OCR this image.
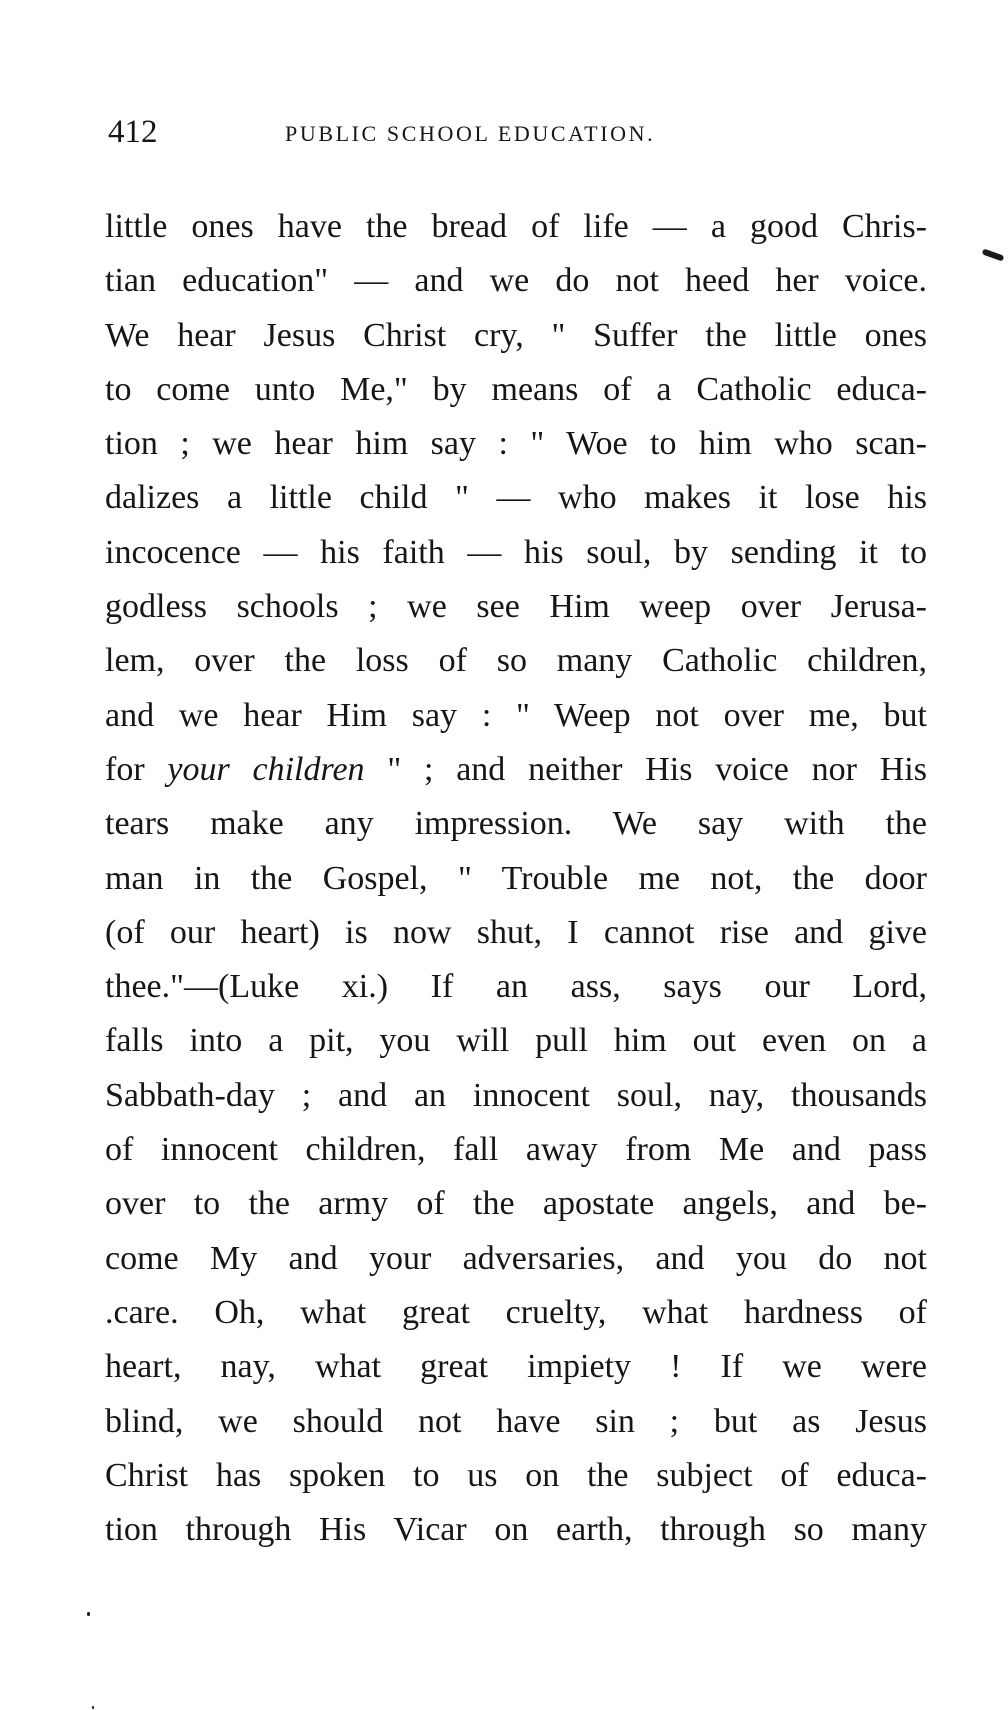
412	PUBLIC SCHOOL EDUCATION.
little ones have the bread of life — a good Chris-
tian education" — and we do not heed her voice.
We hear Jesus Christ cry, " Suffer the little ones
to come unto Me," by means of a Catholic educa-
tion ; we hear him say : " Woe to him who scan-
dalizes a little child " — who makes it lose his
incocence — his faith — his soul, by sending it to
godless schools ; we see Him weep over Jerusa-
lem, over the loss of so many Catholic children,
and we hear Him say : " Weep not over me, but
for your children " ; and neither His voice nor His
tears make any impression. We say with the
man in the Gospel, " Trouble me not, the door
(of our heart) is now shut, I cannot rise and give
thee."—(Luke xi.) If an ass, says our Lord,
falls into a pit, you will pull him out even on a
Sabbath-day ; and an innocent soul, nay, thousands
of innocent children, fall away from Me and pass
over to the army of the apostate angels, and be-
come My and your adversaries, and you do not
.care. Oh, what great cruelty, what hardness of
heart, nay, what great impiety ! If we were
blind, we should not have sin ; but as Jesus
Christ has spoken to us on the subject of educa-
tion through His Vicar on earth, through so many
